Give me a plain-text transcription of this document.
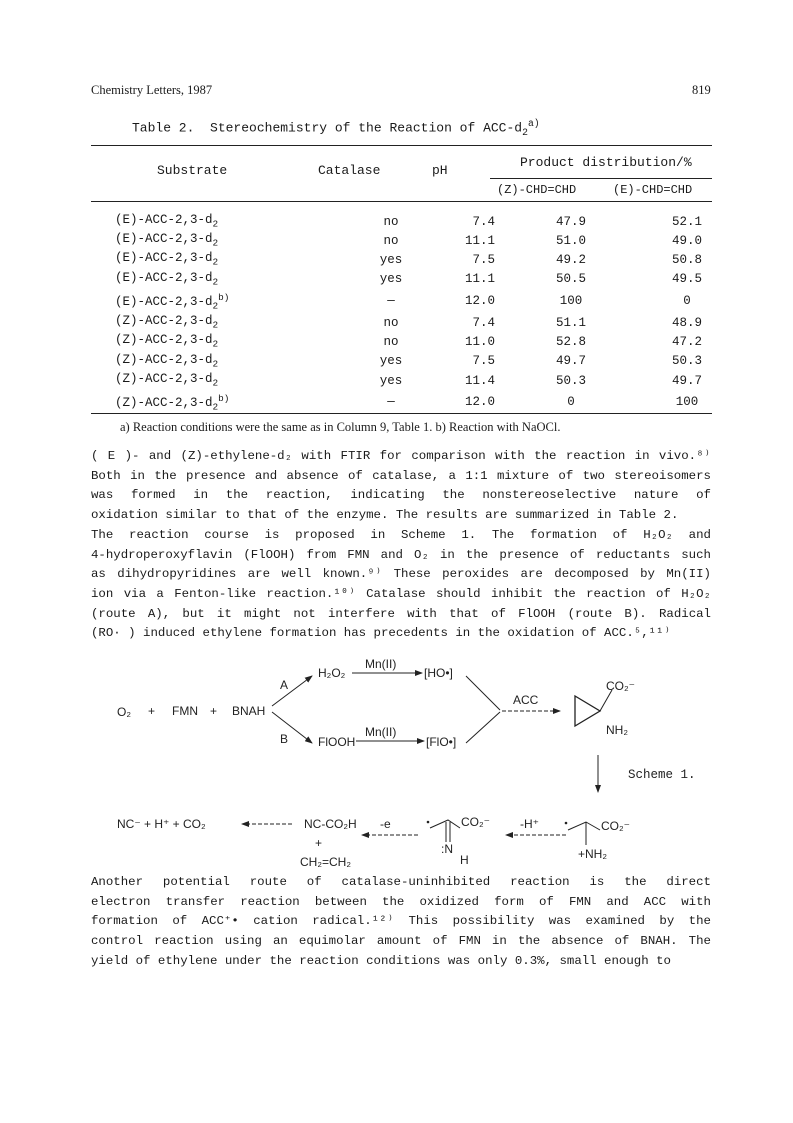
Chemistry Letters, 1987	819
Table 2. Stereochemistry of the Reaction of ACC-$d_2^{a)}$
Substrate	Catalase	pH
Product distribution/%
(Z)-CHD=CHD	(E)-CHD=CHD
$(E)-ACC-2,3-d_2$	no	7.4	47.9	52.1
$(E)-ACC-2,3-d_2$	no	11.1	51.0	49.0
$(E)-ACC-2,3-d_2$	yes	7.5	49.2	50.8
$(E)-ACC-2,3-d_2$	yes	11.1	50.5	49.5
$(E)-ACC-2,3-d_2^{b)}$	—	12.0	100	0
$(Z)-ACC-2,3-d_2$	no	7.4	51.1	48.9
$(Z)-ACC-2,3-d_2$	no	11.0	52.8	47.2
$(Z)-ACC-2,3-d_2$	yes	7.5	49.7	50.3
$(Z)-ACC-2,3-d_2$	yes	11.4	50.3	49.7
$(Z)-ACC-2,3-d_2^{b)}$	—	12.0	0	100
a) Reaction conditions were the same as in Column 9, Table 1. b) Reaction with NaOCl.
( E )- and (Z)-ethylene-d₂ with FTIR for comparison with the reaction in vivo.⁸⁾
Both in the presence and absence of catalase, a 1:1 mixture of two stereoisomers
was formed in the reaction, indicating the nonstereoselective nature of
oxidation similar to that of the enzyme. The results are summarized in Table 2.
The reaction course is proposed in Scheme 1. The formation of H₂O₂ and
4-hydroperoxyflavin (FlOOH) from FMN and O₂ in the presence of reductants such
as dihydropyridines are well known.⁹⁾ These peroxides are decomposed by Mn(II)
ion via a Fenton-like reaction.¹⁰⁾ Catalase should inhibit the reaction of H₂O₂
(route A), but it might not interfere with that of FlOOH (route B). Radical
(RO· ) induced ethylene formation has precedents in the oxidation of ACC.⁵,¹¹⁾
O₂ + FMN + BNAH
A
B
H₂O₂
Mn(II)
[HO•]
FlOOH
Mn(II)
[FlO•]
ACC
CO₂⁻
NH₂
Scheme 1.
NC⁻ + H⁺ + CO₂	NC-CO₂H
+
CH₂=CH₂
-e	CO₂⁻
:N
H
-H⁺	CO₂⁻
+NH₂
Another potential route of catalase-uninhibited reaction is the direct
electron transfer reaction between the oxidized form of FMN and ACC with
formation of ACC⁺• cation radical.¹²⁾ This possibility was examined by the
control reaction using an equimolar amount of FMN in the absence of BNAH. The
yield of ethylene under the reaction conditions was only 0.3%, small enough to
